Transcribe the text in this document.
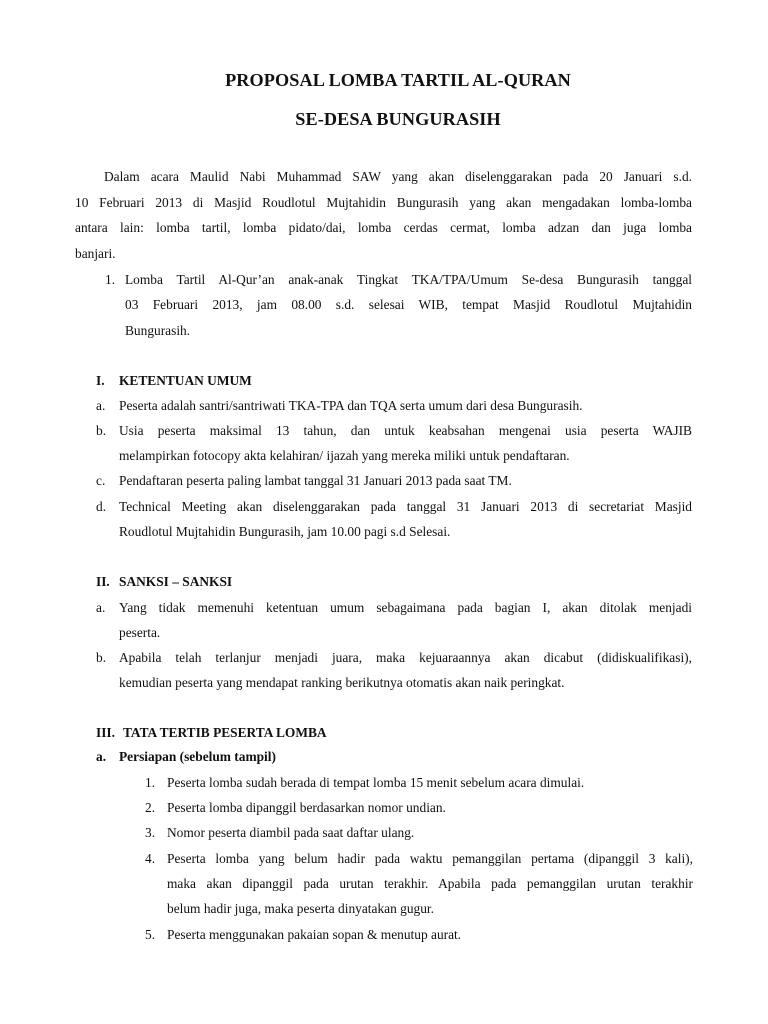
PROPOSAL LOMBA TARTIL AL-QURAN
SE-DESA BUNGURASIH
Dalam acara Maulid Nabi Muhammad SAW yang akan diselenggarakan pada 20 Januari s.d.
10 Februari 2013 di Masjid Roudlotul Mujtahidin Bungurasih yang akan mengadakan lomba-lomba
antara lain: lomba tartil, lomba pidato/dai, lomba cerdas cermat, lomba adzan dan juga lomba
banjari.
1. Lomba Tartil Al-Qur’an anak-anak Tingkat TKA/TPA/Umum Se-desa Bungurasih tanggal
03 Februari 2013, jam 08.00 s.d. selesai WIB, tempat Masjid Roudlotul Mujtahidin
Bungurasih.
I. KETENTUAN UMUM
a. Peserta adalah santri/santriwati TKA-TPA dan TQA serta umum dari desa Bungurasih.
b. Usia peserta maksimal 13 tahun, dan untuk keabsahan mengenai usia peserta WAJIB
melampirkan fotocopy akta kelahiran/ ijazah yang mereka miliki untuk pendaftaran.
c. Pendaftaran peserta paling lambat tanggal 31 Januari 2013 pada saat TM.
d. Technical Meeting akan diselenggarakan pada tanggal 31 Januari 2013 di secretariat Masjid
Roudlotul Mujtahidin Bungurasih, jam 10.00 pagi s.d Selesai.
II. SANKSI – SANKSI
a. Yang tidak memenuhi ketentuan umum sebagaimana pada bagian I, akan ditolak menjadi
peserta.
b. Apabila telah terlanjur menjadi juara, maka kejuaraannya akan dicabut (didiskualifikasi),
kemudian peserta yang mendapat ranking berikutnya otomatis akan naik peringkat.
III. TATA TERTIB PESERTA LOMBA
a. Persiapan (sebelum tampil)
1. Peserta lomba sudah berada di tempat lomba 15 menit sebelum acara dimulai.
2. Peserta lomba dipanggil berdasarkan nomor undian.
3. Nomor peserta diambil pada saat daftar ulang.
4. Peserta lomba yang belum hadir pada waktu pemanggilan pertama (dipanggil 3 kali),
maka akan dipanggil pada urutan terakhir. Apabila pada pemanggilan urutan terakhir
belum hadir juga, maka peserta dinyatakan gugur.
5. Peserta menggunakan pakaian sopan & menutup aurat.
